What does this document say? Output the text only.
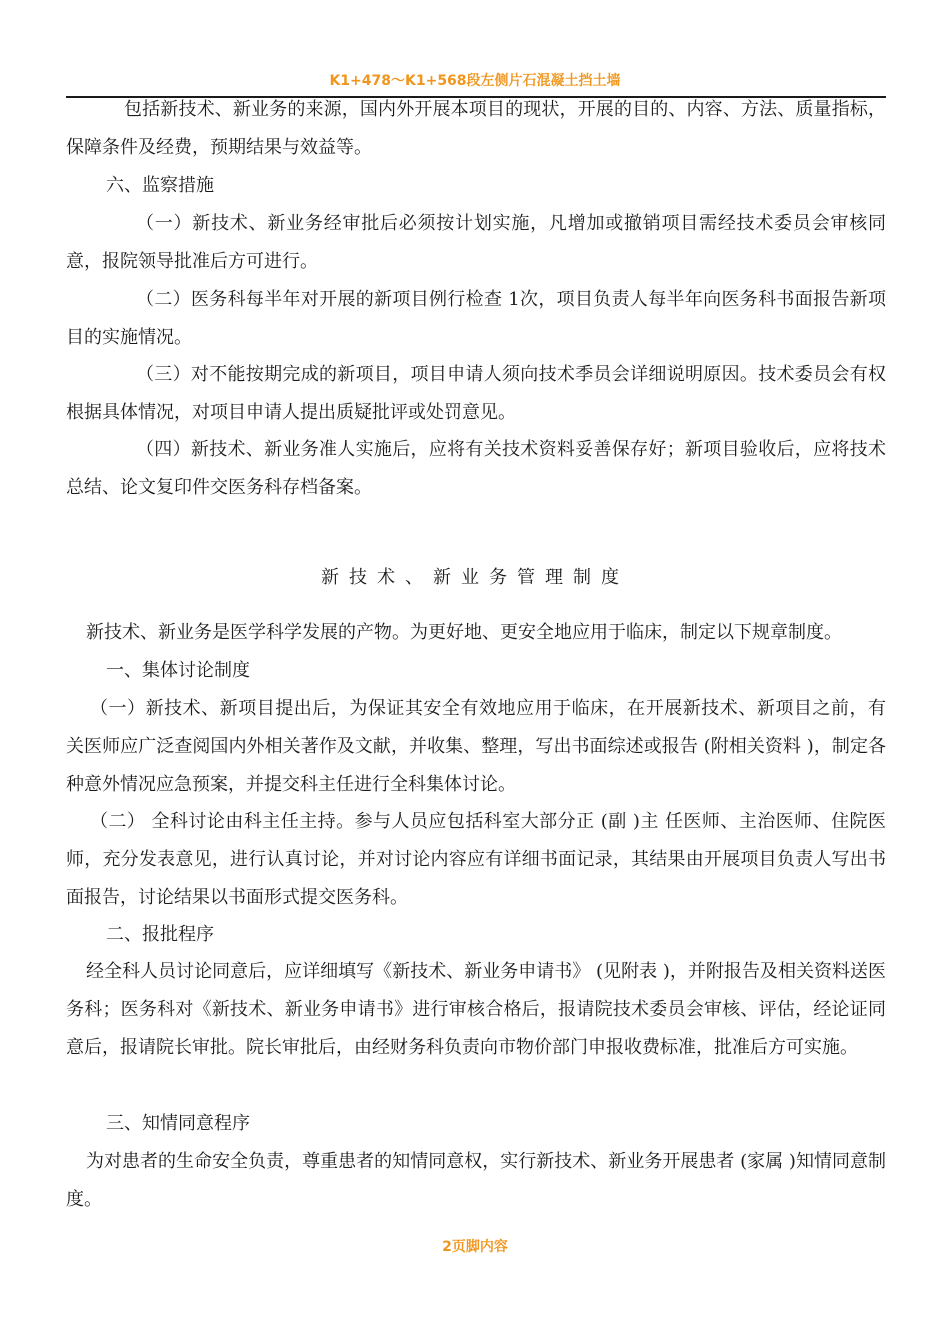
K1+478～K1+568段左侧片石混凝土挡土墙
包括新技术、新业务的来源，国内外开展本项目的现状，开展的目的、内容、方法、质量指标，保障条件及经费，预期结果与效益等。
六、监察措施
（一）新技术、新业务经审批后必须按计划实施，凡增加或撤销项目需经技术委员会审核同意，报院领导批准后方可进行。
（二）医务科每半年对开展的新项目例行检查 1次，项目负责人每半年向医务科书面报告新项目的实施情况。
（三）对不能按期完成的新项目，项目申请人须向技术季员会详细说明原因。技术委员会有权根据具体情况，对项目申请人提出质疑批评或处罚意见。
（四）新技术、新业务准人实施后，应将有关技术资料妥善保存好；新项目验收后，应将技术总结、论文复印件交医务科存档备案。
新技术、新业务管理制度
新技术、新业务是医学科学发展的产物。为更好地、更安全地应用于临床，制定以下规章制度。
一、集体讨论制度
（一）新技术、新项目提出后，为保证其安全有效地应用于临床，在开展新技术、新项目之前，有 关医师应广泛查阅国内外相关著作及文献，并收集、整理，写出书面综述或报告 (附相关资料 )，制定各种意外情况应急预案，并提交科主任进行全科集体讨论。
（二） 全科讨论由科主任主持。参与人员应包括科室大部分正 (副 )主 任医师、主治医师、住院医师，充分发表意见，进行认真讨论，并对讨论内容应有详细书面记录，其结果由开展项目负责人写出书面报告，讨论结果以书面形式提交医务科。
二、报批程序
经全科人员讨论同意后，应详细填写《新技术、新业务申请书》 (见附表 )，并附报告及相关资料送医务科；医务科对《新技术、新业务申请书》进行审核合格后，报请院技术委员会审核、评估，经论证同意后，报请院长审批。院长审批后，由经财务科负责向市物价部门申报收费标准，批准后方可实施。
三、知情同意程序
为对患者的生命安全负责，尊重患者的知情同意权，实行新技术、新业务开展患者 (家属 )知情同意制度。
2页脚内容
